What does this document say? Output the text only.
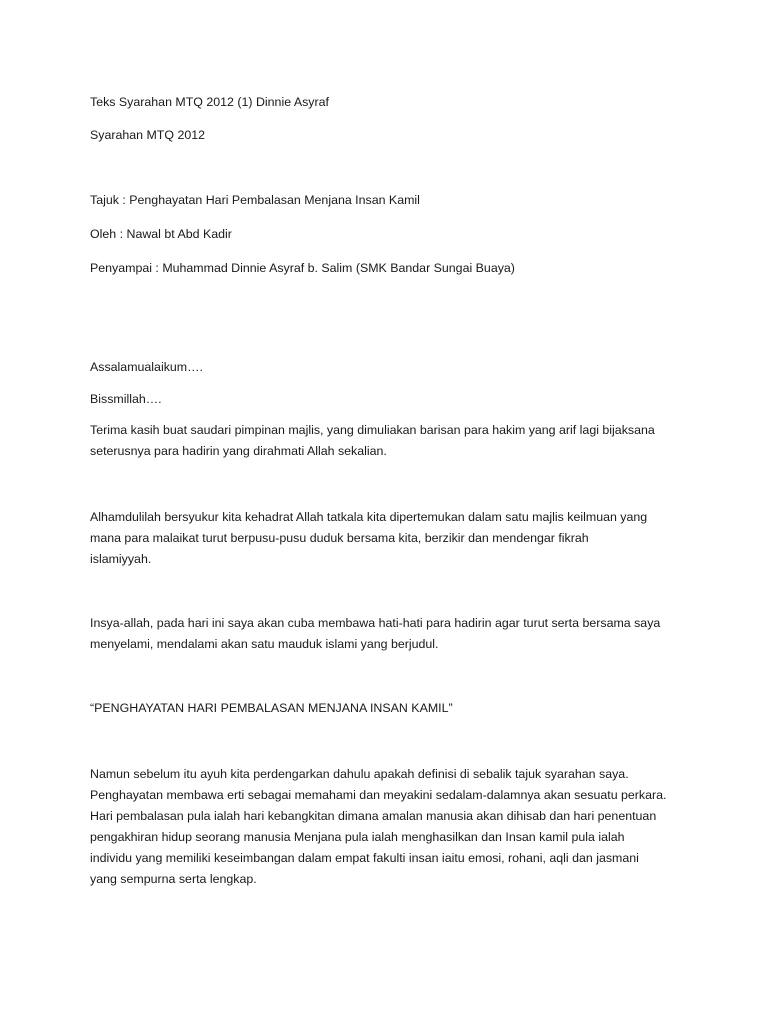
Teks Syarahan MTQ 2012 (1) Dinnie Asyraf

Syarahan MTQ 2012

Tajuk : Penghayatan Hari Pembalasan Menjana Insan Kamil

Oleh : Nawal bt Abd Kadir

Penyampai : Muhammad Dinnie Asyraf b. Salim (SMK Bandar Sungai Buaya)

Assalamualaikum….

Bissmillah….

Terima kasih buat saudari pimpinan majlis, yang dimuliakan barisan para hakim yang arif lagi bijaksana
seterusnya para hadirin yang dirahmati Allah sekalian.
Alhamdulilah bersyukur kita kehadrat Allah tatkala kita dipertemukan dalam satu majlis keilmuan yang
mana para malaikat turut berpusu-pusu duduk bersama kita, berzikir dan mendengar fikrah
islamiyyah.
Insya-allah, pada hari ini saya akan cuba membawa hati-hati para hadirin agar turut serta bersama saya
menyelami, mendalami akan satu mauduk islami yang berjudul.
“PENGHAYATAN HARI PEMBALASAN MENJANA INSAN KAMIL”
Namun sebelum itu ayuh kita perdengarkan dahulu apakah definisi di sebalik tajuk syarahan saya.
Penghayatan membawa erti sebagai memahami dan meyakini sedalam-dalamnya akan sesuatu perkara.
Hari pembalasan pula ialah hari kebangkitan dimana amalan manusia akan dihisab dan hari penentuan
pengakhiran hidup seorang manusia Menjana pula ialah menghasilkan dan Insan kamil pula ialah
individu yang memiliki keseimbangan dalam empat fakulti insan iaitu emosi, rohani, aqli dan jasmani
yang sempurna serta lengkap.
